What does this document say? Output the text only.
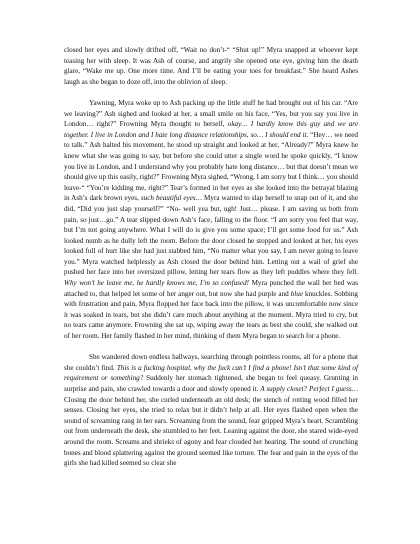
closed her eyes and slowly drifted off, “Wait no don’t-“ “Shut up!” Myra snapped at whoever kept teasing her with sleep. It was Ash of course, and angrily she opened one eye, giving him the death glare, “Wake me up. One more time. And I’ll be eating your toes for breakfast.” She heard Ashes laugh as she began to doze off, into the oblivion of sleep.

Yawning, Myra woke up to Ash packing up the little stuff he had brought out of his car. “Are we leaving?” Ash sighed and looked at her, a small smile on his face, “Yes, but you say you live in London… right?” Frowning Myra thought to herself, okay… I hardly know this guy and we are together. I live in London and I hate long distance relationships, so… I should end it. “Hey… we need to talk.” Ash halted his movement, he stood up straight and looked at her, “Already?” Myra knew he knew what she was going to say, but before she could utter a single word he spoke quickly, “I know you live in London, and I understand why you probably hate long distance… but that doesn’t mean we should give up this easily, right?” Frowning Myra sighed, “Wrong, I am sorry but I think… you should leave-“ “You’re kidding me, right?” Tear’s formed in her eyes as she looked into the betrayal blazing in Ash’s dark brown eyes, such beautiful eyes… Myra wanted to slap herself to snap out of it, and she did, “Did you just slap yourself?” “No- well yea but, ugh! Just… please. I am saving us both from pain, so just…go.” A tear slipped down Ash’s face, falling to the floor. “I am sorry you feel that way, but I’m not going anywhere. What I will do is give you some space; I’ll get some food for us.” Ash looked numb as he dully left the room. Before the door closed he stopped and looked at her, his eyes looked full of hurt like she had just stabbed him, “No matter what you say, I am never going to leave you.” Myra watched helplessly as Ash closed the door behind him. Letting out a wail of grief she pushed her face into her oversized pillow, letting her tears flow as they left puddles where they fell. Why won’t he leave me, he hardly knows me, I’m so confused! Myra punched the wall her bed was attached to, that helped let some of her anger out, but now she had purple and blue knuckles. Sobbing with frustration and pain, Myra flopped her face back into the pillow, it was uncomfortable now since it was soaked in tears, but she didn’t care much about anything at the moment. Myra tried to cry, but no tears came anymore. Frowning she sat up, wiping away the tears as best she could, she walked out of her room. Her family flashed in her mind, thinking of them Myra began to search for a phone.

She wandered down endless hallways, searching through pointless rooms, all for a phone that she couldn’t find. This is a fucking hospital, why the fuck can’t I find a phone! Isn’t that some kind of requirement or something? Suddenly her stomach tightened, she began to feel queasy. Grunting in surprise and pain, she crawled towards a door and slowly opened it. A supply closet? Perfect I guess… Closing the door behind her, she curled underneath an old desk; the stench of rotting wood filled her senses. Closing her eyes, she tried to relax but it didn’t help at all. Her eyes flashed open when the sound of screaming rang in her ears. Screaming from the sound, fear gripped Myra’s heart. Scrambling out from underneath the desk, she stumbled to her feet. Leaning against the door, she stared wide-eyed around the room. Screams and shrieks of agony and fear clouded her hearing. The sound of crunching bones and blood splattering against the ground seemed like torture. The fear and pain in the eyes of the girls she had killed seemed so clear she
